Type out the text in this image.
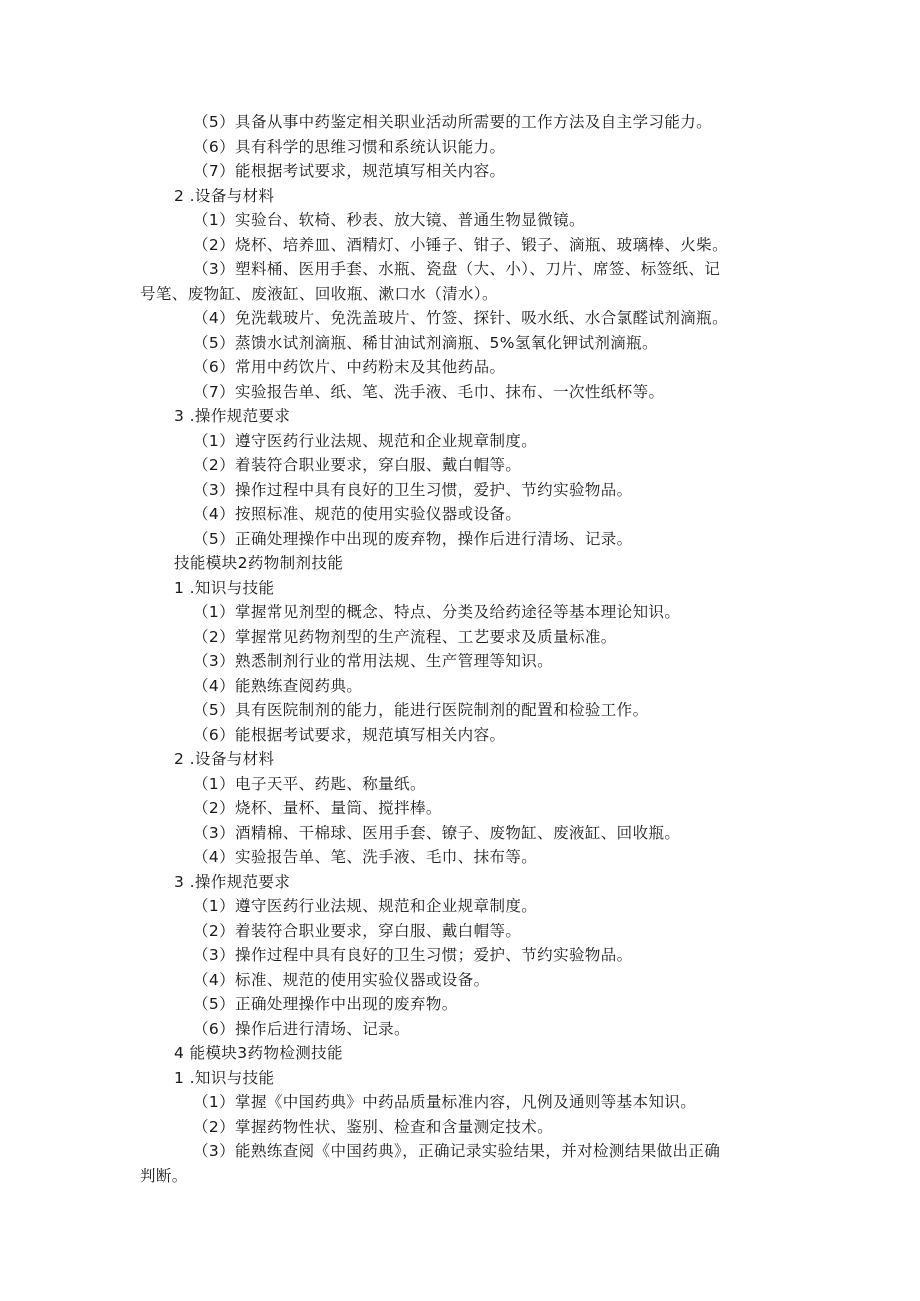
（5）具备从事中药鉴定相关职业活动所需要的工作方法及自主学习能力。
（6）具有科学的思维习惯和系统认识能力。
（7）能根据考试要求，规范填写相关内容。
2 .设备与材料
（1）实验台、软椅、秒表、放大镜、普通生物显微镜。
（2）烧杯、培养皿、酒精灯、小锤子、钳子、锻子、滴瓶、玻璃棒、火柴。
（3）塑料桶、医用手套、水瓶、瓷盘（大、小）、刀片、席签、标签纸、记
号笔、废物缸、废液缸、回收瓶、漱口水（清水）。
（4）免洗载玻片、免洗盖玻片、竹签、探针、吸水纸、水合氯醛试剂滴瓶。
（5）蒸馈水试剂滴瓶、稀甘油试剂滴瓶、5%氢氧化钾试剂滴瓶。
（6）常用中药饮片、中药粉末及其他药品。
（7）实验报告单、纸、笔、洗手液、毛巾、抹布、一次性纸杯等。
3 .操作规范要求
（1）遵守医药行业法规、规范和企业规章制度。
（2）着装符合职业要求，穿白服、戴白帽等。
（3）操作过程中具有良好的卫生习惯，爱护、节约实验物品。
（4）按照标准、规范的使用实验仪器或设备。
（5）正确处理操作中出现的废弃物，操作后进行清场、记录。
技能模块2药物制剂技能
1 .知识与技能
（1）掌握常见剂型的概念、特点、分类及给药途径等基本理论知识。
（2）掌握常见药物剂型的生产流程、工艺要求及质量标准。
（3）熟悉制剂行业的常用法规、生产管理等知识。
（4）能熟练查阅药典。
（5）具有医院制剂的能力，能进行医院制剂的配置和检验工作。
（6）能根据考试要求，规范填写相关内容。
2 .设备与材料
（1）电子天平、药匙、称量纸。
（2）烧杯、量杯、量筒、搅拌棒。
（3）酒精棉、干棉球、医用手套、镣子、废物缸、废液缸、回收瓶。
（4）实验报告单、笔、洗手液、毛巾、抹布等。
3 .操作规范要求
（1）遵守医药行业法规、规范和企业规章制度。
（2）着装符合职业要求，穿白服、戴白帽等。
（3）操作过程中具有良好的卫生习惯；爱护、节约实验物品。
（4）标准、规范的使用实验仪器或设备。
（5）正确处理操作中出现的废弃物。
（6）操作后进行清场、记录。
4 能模块3药物检测技能
1 .知识与技能
（1）掌握《中国药典》中药品质量标准内容，凡例及通则等基本知识。
（2）掌握药物性状、鉴别、检查和含量测定技术。
（3）能熟练查阅《中国药典》，正确记录实验结果，并对检测结果做出正确
判断。
